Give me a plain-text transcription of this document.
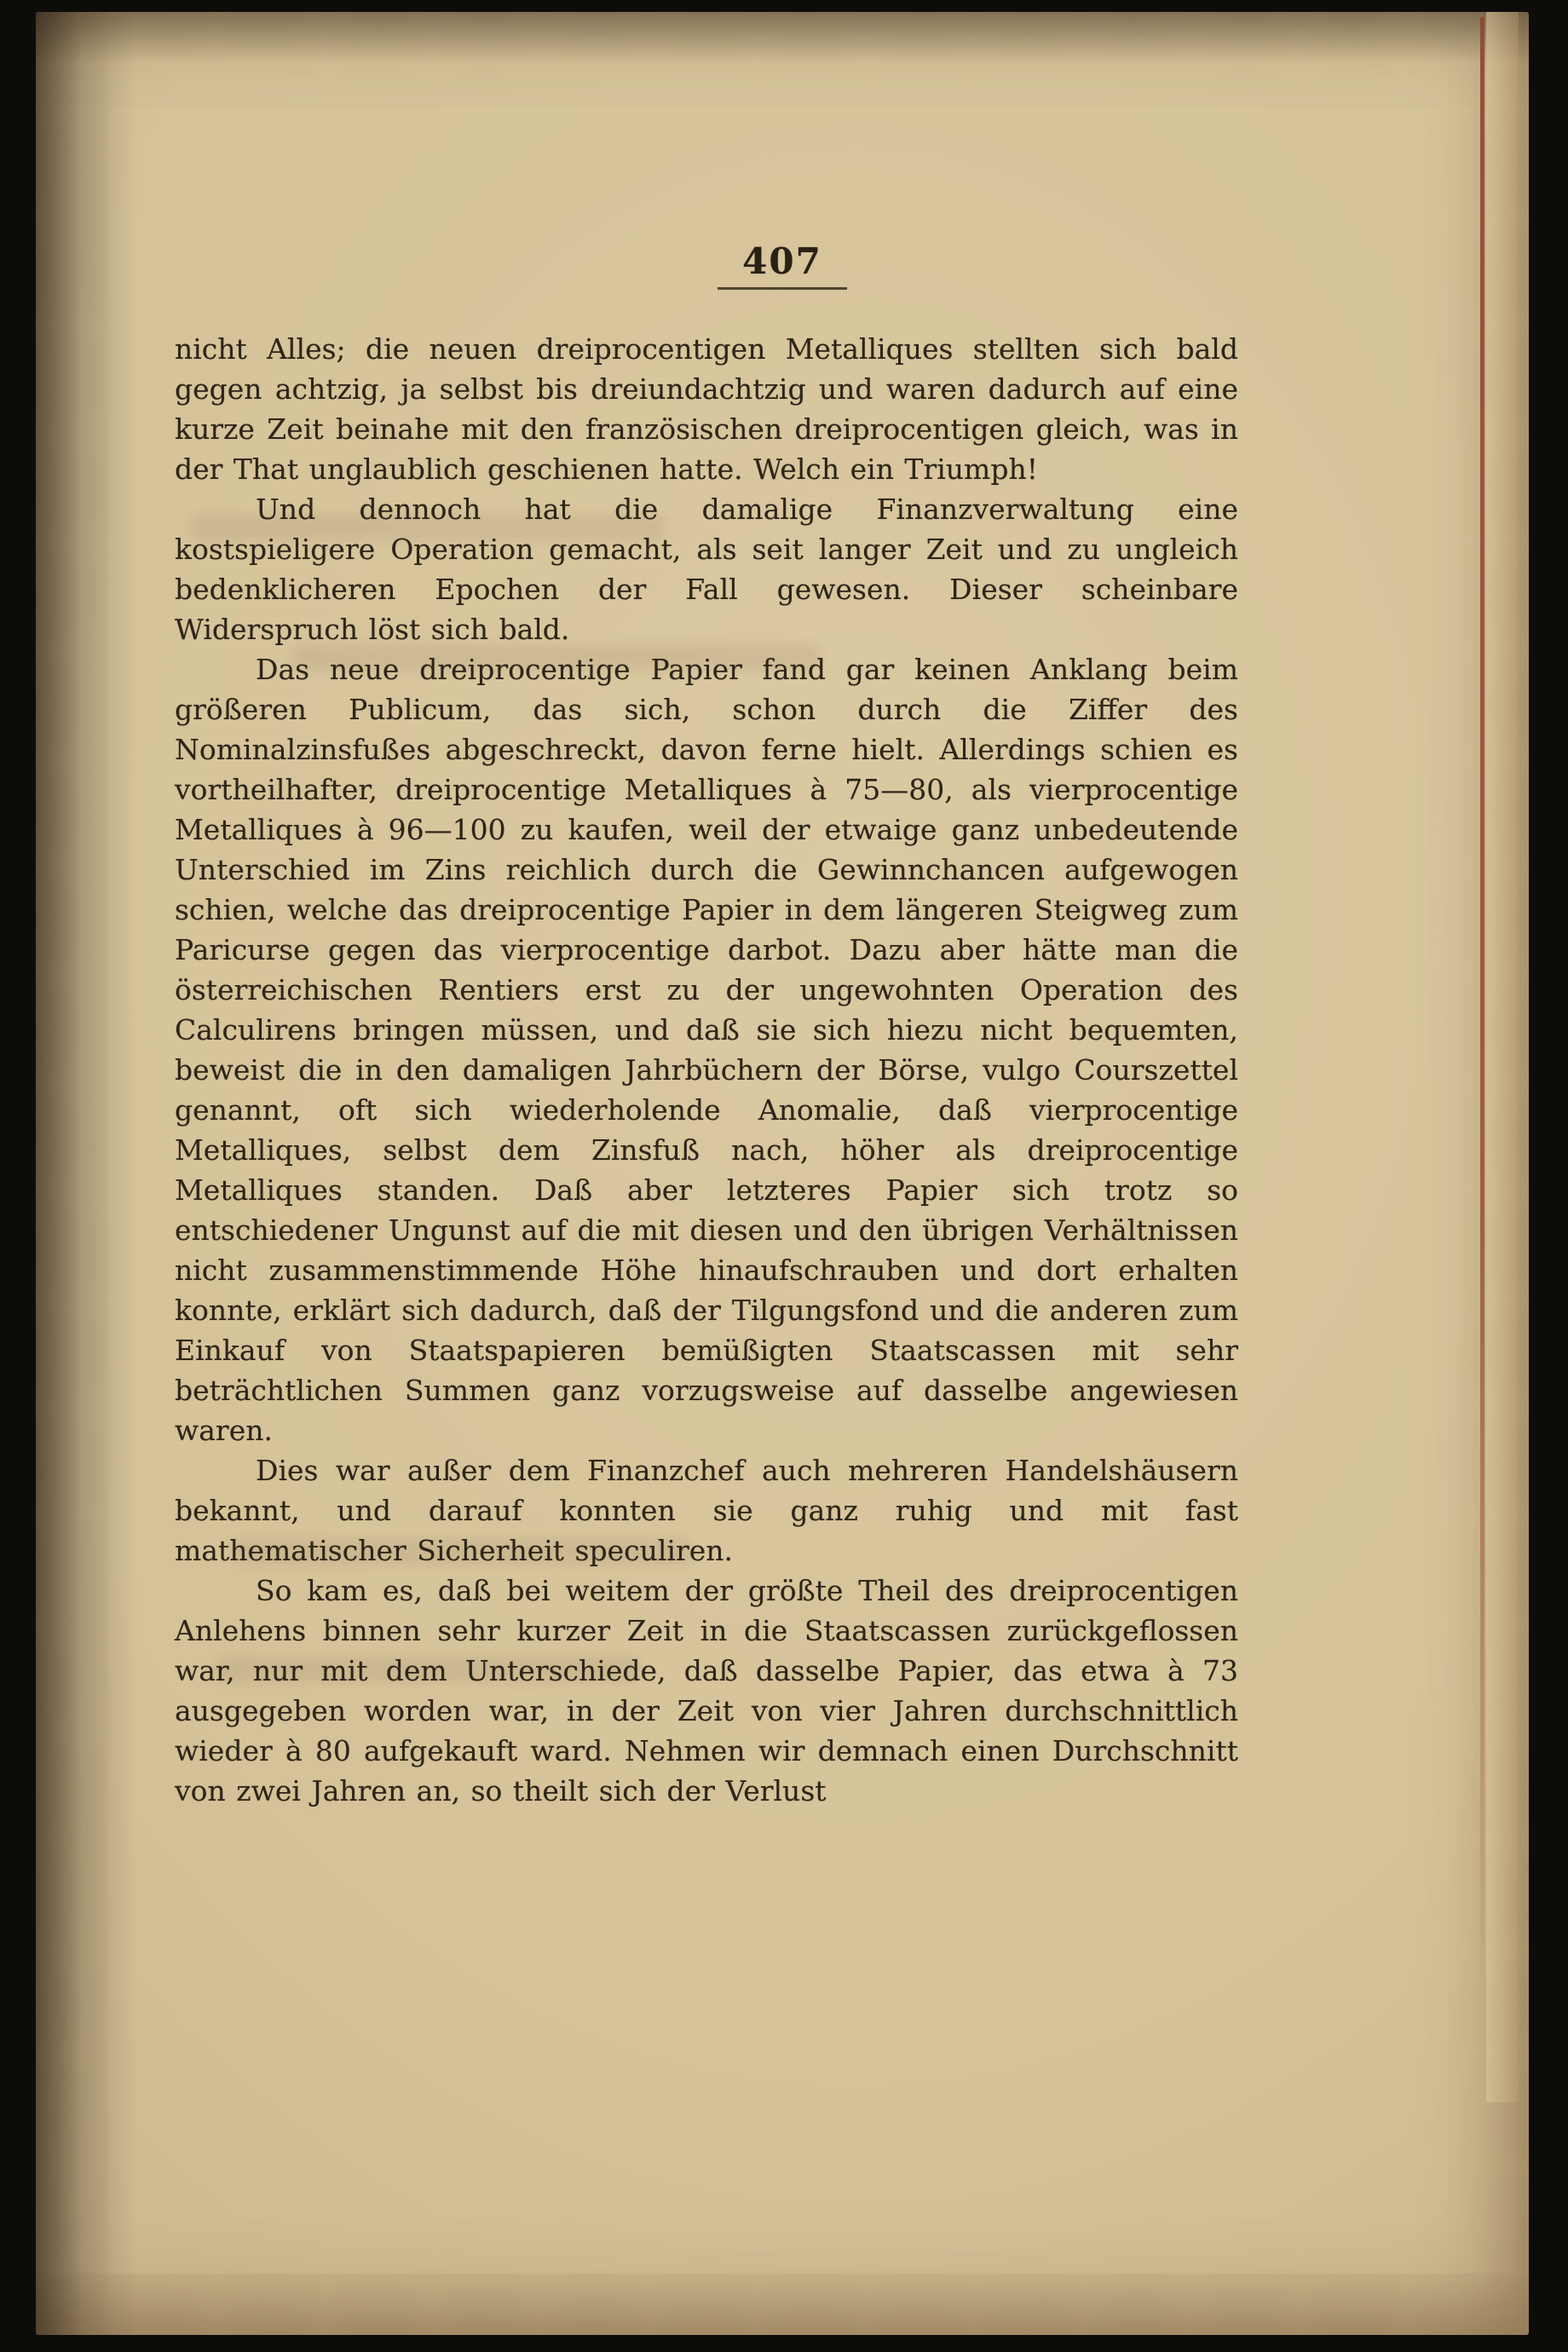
407

nicht Alles; die neuen dreiprocentigen Metalliques stellten sich bald gegen achtzig, ja selbst bis dreiundachtzig und waren dadurch auf eine kurze Zeit beinahe mit den französischen dreiprocentigen gleich, was in der That unglaublich geschienen hatte. Welch ein Triumph!

Und dennoch hat die damalige Finanzverwaltung eine kostspieligere Operation gemacht, als seit langer Zeit und zu ungleich bedenklicheren Epochen der Fall gewesen. Dieser scheinbare Widerspruch löst sich bald.

Das neue dreiprocentige Papier fand gar keinen Anklang beim größeren Publicum, das sich, schon durch die Ziffer des Nominalzinsfußes abgeschreckt, davon ferne hielt. Allerdings schien es vortheilhafter, dreiprocentige Metalliques à 75—80, als vierprocentige Metalliques à 96—100 zu kaufen, weil der etwaige ganz unbedeutende Unterschied im Zins reichlich durch die Gewinnchancen aufgewogen schien, welche das dreiprocentige Papier in dem längeren Steigweg zum Paricurse gegen das vierprocentige darbot. Dazu aber hätte man die österreichischen Rentiers erst zu der ungewohnten Operation des Calculirens bringen müssen, und daß sie sich hiezu nicht bequemten, beweist die in den damaligen Jahrbüchern der Börse, vulgo Courszettel genannt, oft sich wiederholende Anomalie, daß vierprocentige Metalliques, selbst dem Zinsfuß nach, höher als dreiprocentige Metalliques standen. Daß aber letzteres Papier sich trotz so entschiedener Ungunst auf die mit diesen und den übrigen Verhältnissen nicht zusammenstimmende Höhe hinaufschrauben und dort erhalten konnte, erklärt sich dadurch, daß der Tilgungsfond und die anderen zum Einkauf von Staatspapieren bemüßigten Staatscassen mit sehr beträchtlichen Summen ganz vorzugsweise auf dasselbe angewiesen waren.

Dies war außer dem Finanzchef auch mehreren Handelshäusern bekannt, und darauf konnten sie ganz ruhig und mit fast mathematischer Sicherheit speculiren.

So kam es, daß bei weitem der größte Theil des dreiprocentigen Anlehens binnen sehr kurzer Zeit in die Staatscassen zurückgeflossen war, nur mit dem Unterschiede, daß dasselbe Papier, das etwa à 73 ausgegeben worden war, in der Zeit von vier Jahren durchschnittlich wieder à 80 aufgekauft ward. Nehmen wir demnach einen Durchschnitt von zwei Jahren an, so theilt sich der Verlust
